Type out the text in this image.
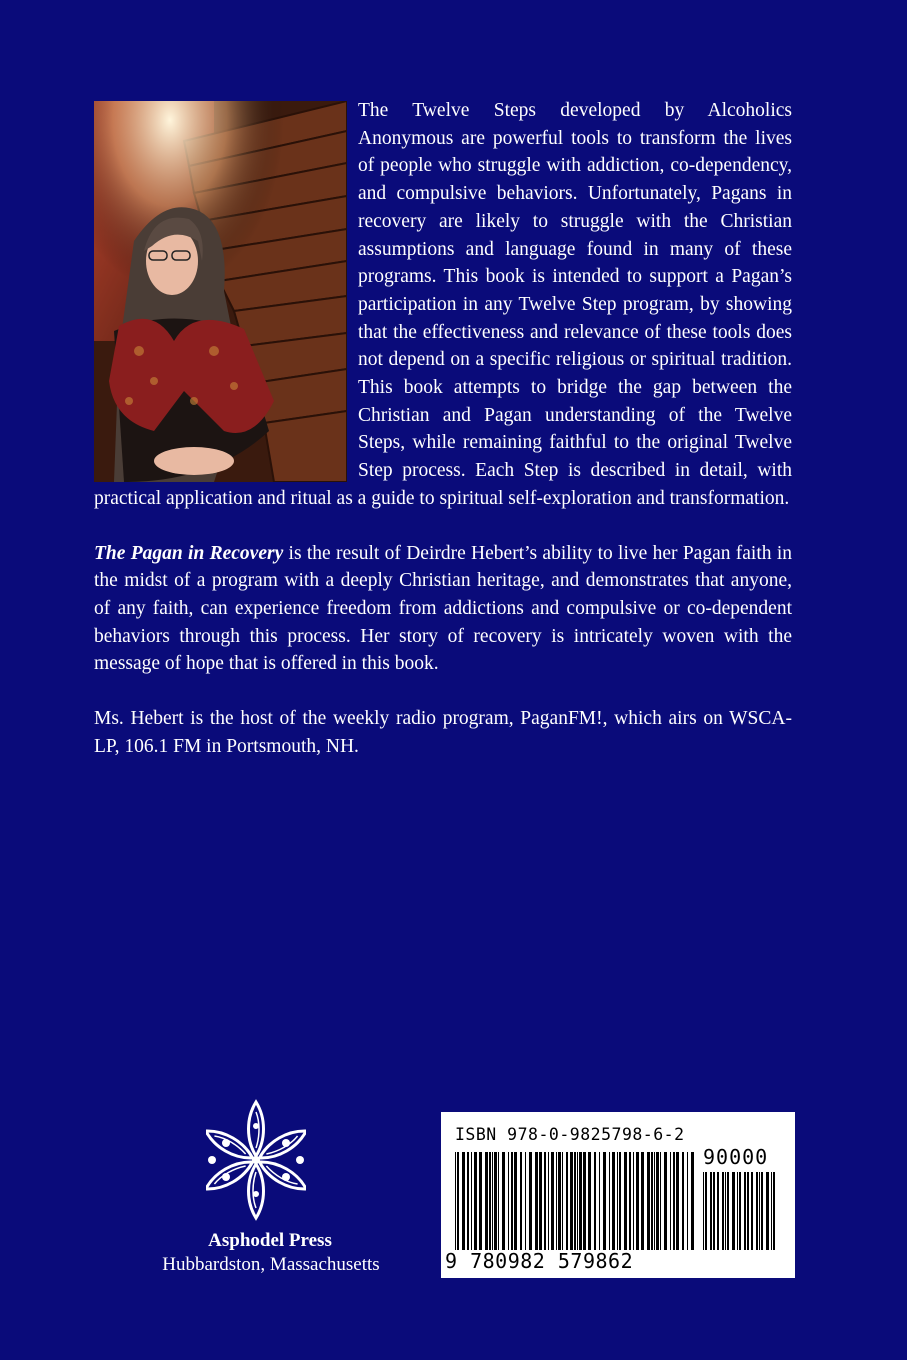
The Twelve Steps developed by Alcoholics Anonymous are powerful tools to transform the lives of people who struggle with addiction, co-dependency, and compulsive behaviors. Unfortunately, Pagans in recovery are likely to struggle with the Christian assumptions and language found in many of these programs. This book is intended to support a Pagan’s participation in any Twelve Step program, by showing that the effectiveness and relevance of these tools does not depend on a specific religious or spiritual tradition. This book attempts to bridge the gap between the Christian and Pagan understanding of the Twelve Steps, while remaining faithful to the original Twelve Step process. Each Step is described in detail, with practical application and ritual as a guide to spiritual self-exploration and transformation.

The Pagan in Recovery is the result of Deirdre Hebert’s ability to live her Pagan faith in the midst of a program with a deeply Christian heritage, and demonstrates that anyone, of any faith, can experience freedom from addictions and compulsive or co-dependent behaviors through this process. Her story of recovery is intricately woven with the message of hope that is offered in this book.

Ms. Hebert is the host of the weekly radio program, PaganFM!, which airs on WSCA-LP, 106.1 FM in Portsmouth, NH.

Asphodel Press
Hubbardston, Massachusetts
ISBN 978-0-9825798-6-2
90000
9 780982 579862
